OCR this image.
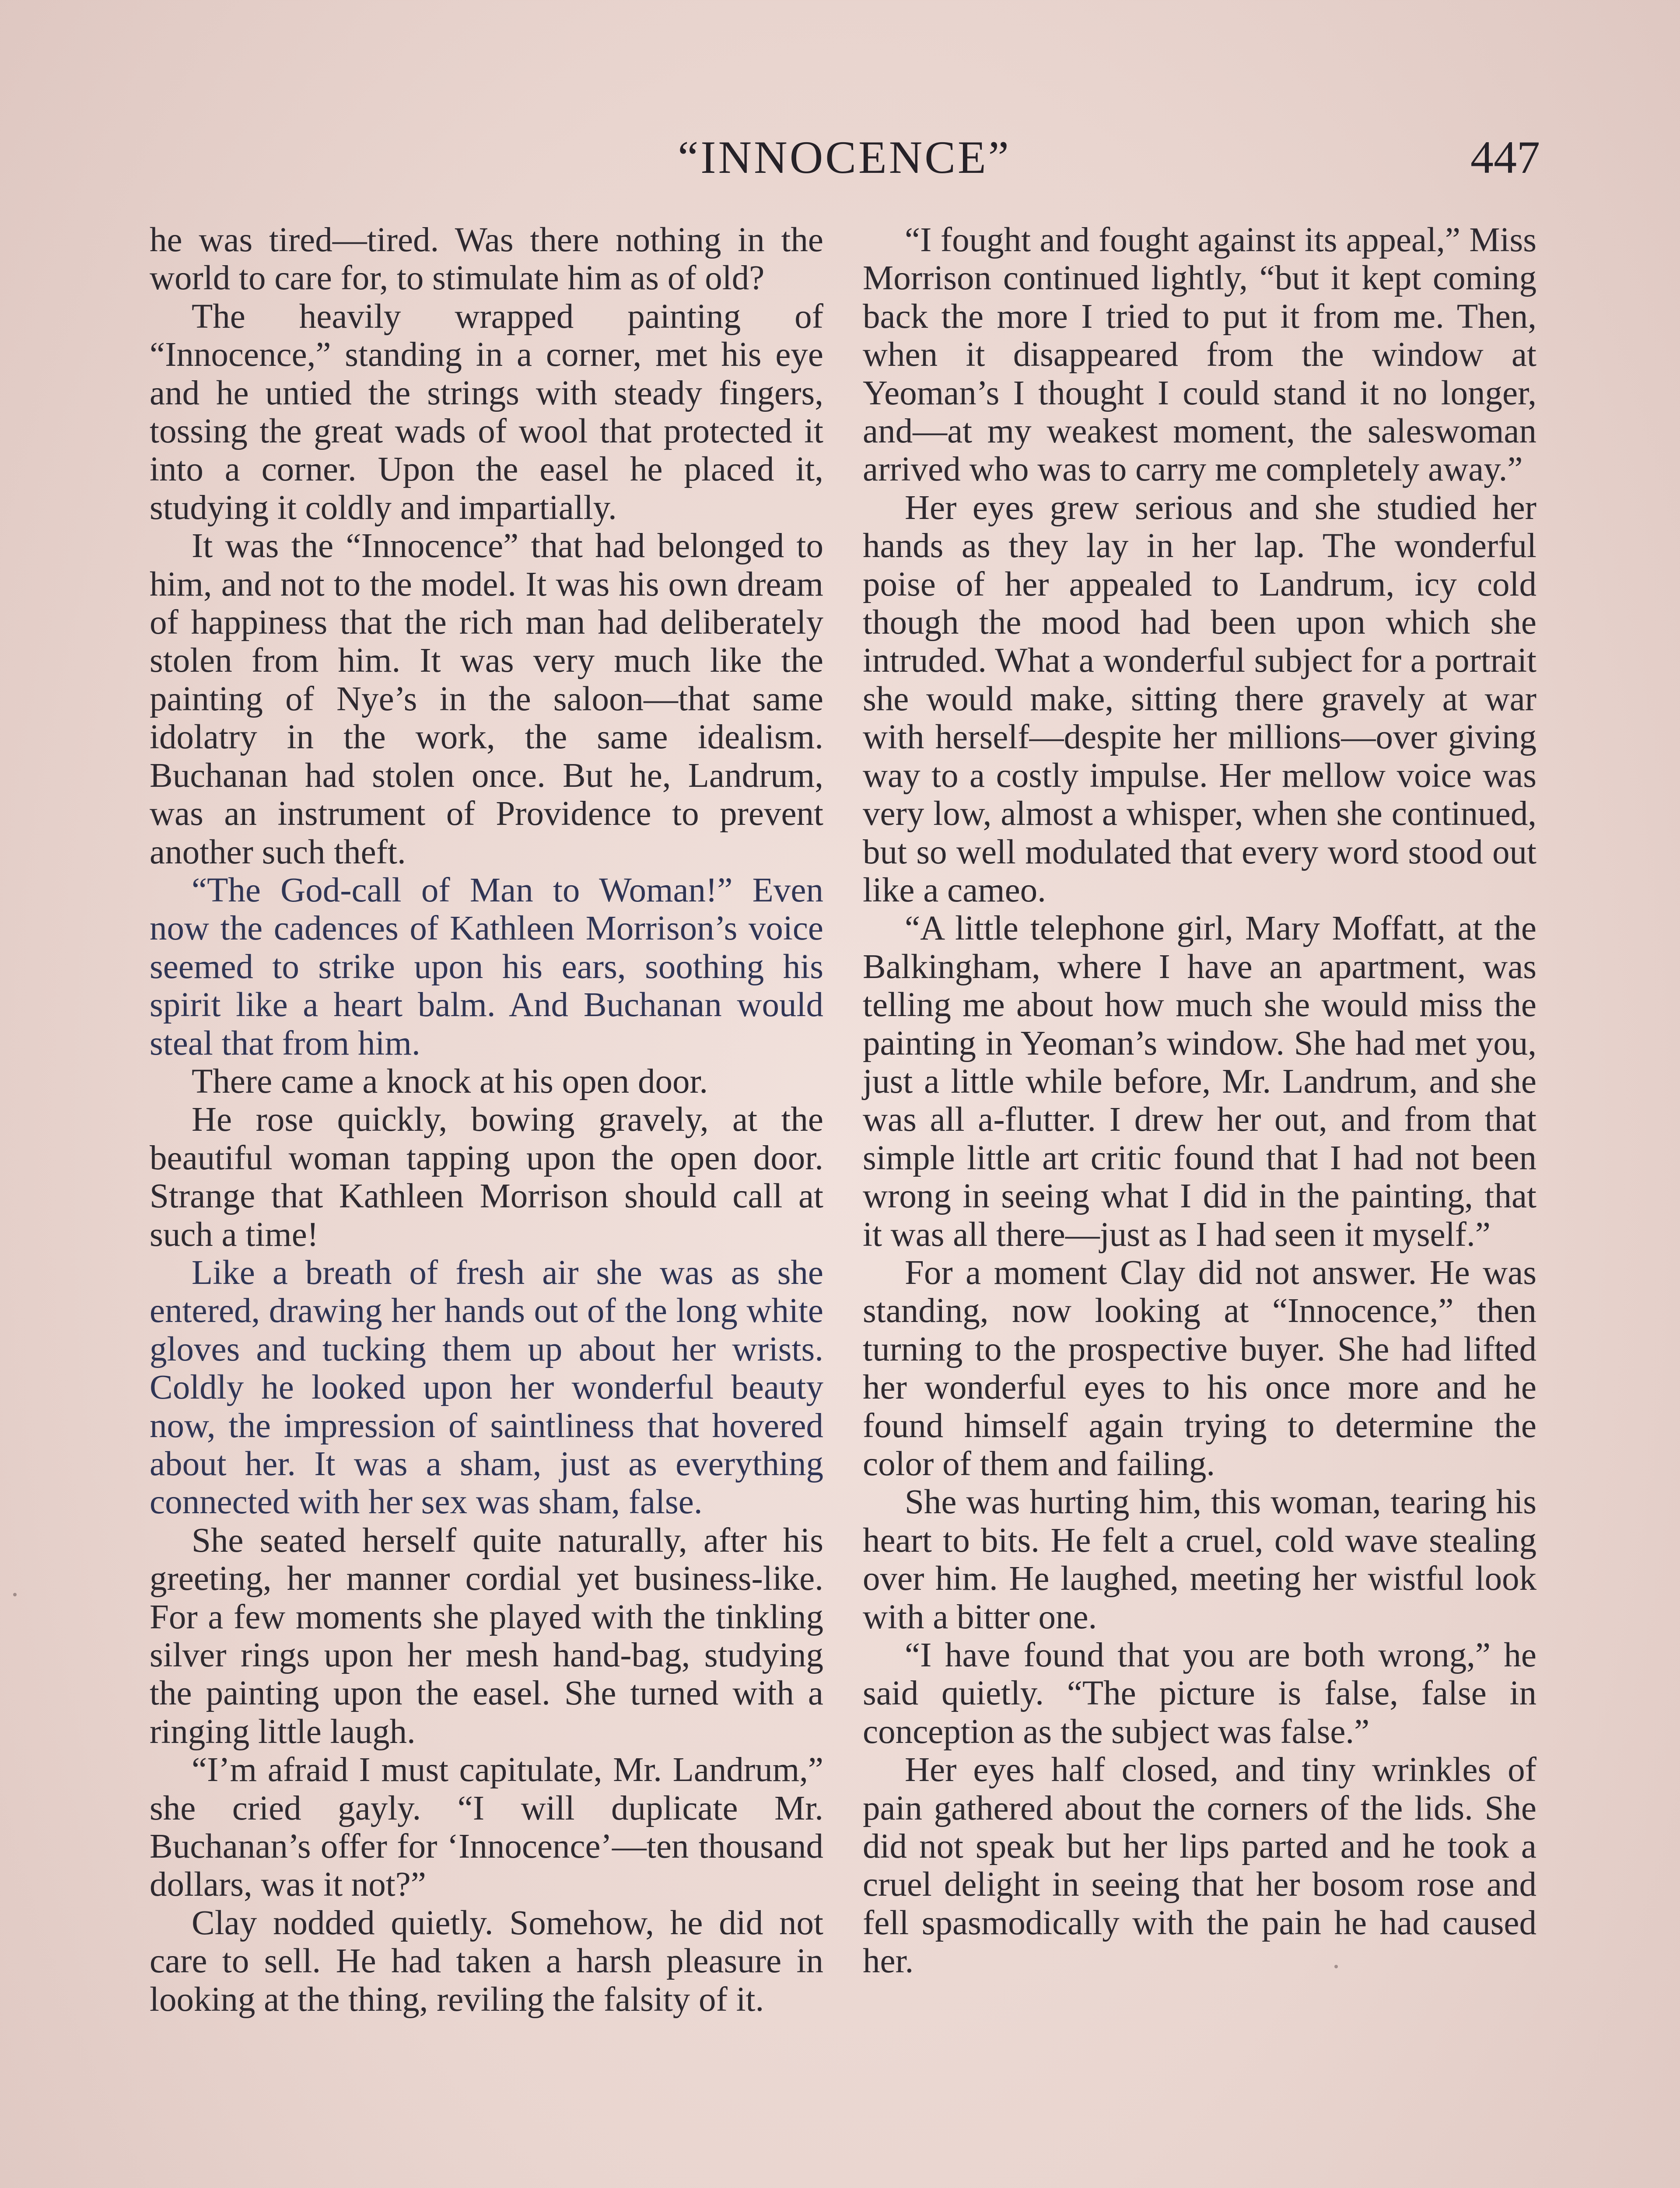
“INNOCENCE”	447

he was tired—tired. Was there nothing in the world to care for, to stimulate him as of old?

The heavily wrapped painting of “Innocence,” standing in a corner, met his eye and he untied the strings with steady fingers, tossing the great wads of wool that protected it into a corner. Upon the easel he placed it, studying it coldly and impartially.

It was the “Innocence” that had belonged to him, and not to the model. It was his own dream of happiness that the rich man had deliberately stolen from him. It was very much like the painting of Nye’s in the saloon—that same idolatry in the work, the same idealism. Buchanan had stolen once. But he, Landrum, was an instrument of Providence to prevent another such theft.

“The God-call of Man to Woman!” Even now the cadences of Kathleen Morrison’s voice seemed to strike upon his ears, soothing his spirit like a heart balm. And Buchanan would steal that from him.

There came a knock at his open door.

He rose quickly, bowing gravely, at the beautiful woman tapping upon the open door. Strange that Kathleen Morrison should call at such a time!

Like a breath of fresh air she was as she entered, drawing her hands out of the long white gloves and tucking them up about her wrists. Coldly he looked upon her wonderful beauty now, the impression of saintliness that hovered about her. It was a sham, just as everything connected with her sex was sham, false.

She seated herself quite naturally, after his greeting, her manner cordial yet business-like. For a few moments she played with the tinkling silver rings upon her mesh hand-bag, studying the painting upon the easel. She turned with a ringing little laugh.

“I’m afraid I must capitulate, Mr. Landrum,” she cried gayly. “I will duplicate Mr. Buchanan’s offer for ‘Innocence’—ten thousand dollars, was it not?”

Clay nodded quietly. Somehow, he did not care to sell. He had taken a harsh pleasure in looking at the thing, reviling the falsity of it.

“I fought and fought against its appeal,” Miss Morrison continued lightly, “but it kept coming back the more I tried to put it from me. Then, when it disappeared from the window at Yeoman’s I thought I could stand it no longer, and—at my weakest moment, the saleswoman arrived who was to carry me completely away.”

Her eyes grew serious and she studied her hands as they lay in her lap. The wonderful poise of her appealed to Landrum, icy cold though the mood had been upon which she intruded. What a wonderful subject for a portrait she would make, sitting there gravely at war with herself—despite her millions—over giving way to a costly impulse. Her mellow voice was very low, almost a whisper, when she continued, but so well modulated that every word stood out like a cameo.

“A little telephone girl, Mary Moffatt, at the Balkingham, where I have an apartment, was telling me about how much she would miss the painting in Yeoman’s window. She had met you, just a little while before, Mr. Landrum, and she was all a-flutter. I drew her out, and from that simple little art critic found that I had not been wrong in seeing what I did in the painting, that it was all there—just as I had seen it myself.”

For a moment Clay did not answer. He was standing, now looking at “Innocence,” then turning to the prospective buyer. She had lifted her wonderful eyes to his once more and he found himself again trying to determine the color of them and failing.

She was hurting him, this woman, tearing his heart to bits. He felt a cruel, cold wave stealing over him. He laughed, meeting her wistful look with a bitter one.

“I have found that you are both wrong,” he said quietly. “The picture is false, false in conception as the subject was false.”

Her eyes half closed, and tiny wrinkles of pain gathered about the corners of the lids. She did not speak but her lips parted and he took a cruel delight in seeing that her bosom rose and fell spasmodically with the pain he had caused her.
